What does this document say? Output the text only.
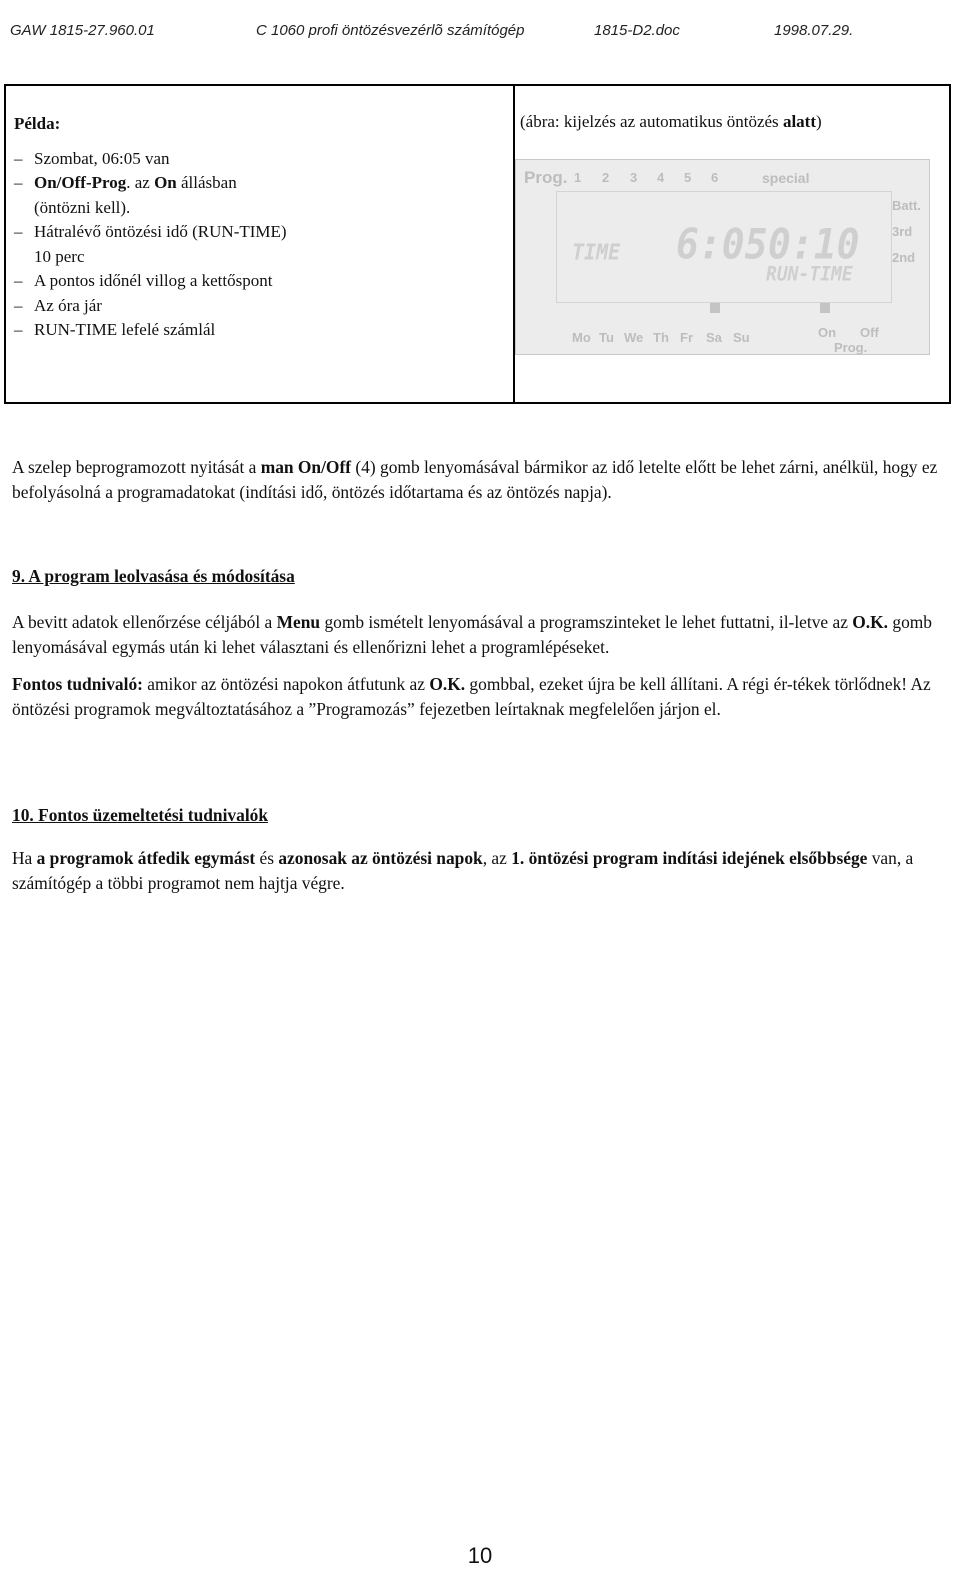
GAW 1815-27.960.01	C 1060 profi öntözésvezérlõ számítógép	1815-D2.doc	1998.07.29.
Példa:
– Szombat, 06:05 van
– On/Off-Prog. az On állásban
(öntözni kell).
– Hátralévő öntözési idő (RUN-TIME)
10 perc
– A pontos időnél villog a kettőspont
– Az óra jár
– RUN-TIME lefelé számlál
(ábra: kijelzés az automatikus öntözés alatt)
Prog. 1 2 3 4 5 6	special
Batt.
3rd
2nd
TIME 6:05 0:10
RUN-TIME
Mo Tu We Th Fr Sa Su	On Off
Prog.
A szelep beprogramozott nyitását a man On/Off (4) gomb lenyomásával bármikor az idő letelte előtt be lehet zárni, anélkül, hogy ez befolyásolná a programadatokat (indítási idő, öntözés időtartama és az öntözés napja).
9. A program leolvasása és módosítása
A bevitt adatok ellenőrzése céljából a Menu gomb ismételt lenyomásával a programszinteket le lehet futtatni, il-letve az O.K. gomb lenyomásával egymás után ki lehet választani és ellenőrizni lehet a programlépéseket.
Fontos tudnivaló: amikor az öntözési napokon átfutunk az O.K. gombbal, ezeket újra be kell állítani. A régi ér-tékek törlődnek! Az öntözési programok megváltoztatásához a ”Programozás” fejezetben leírtaknak megfelelően járjon el.
10. Fontos üzemeltetési tudnivalók
Ha a programok átfedik egymást és azonosak az öntözési napok, az 1. öntözési program indítási idejének elsőbbsége van, a számítógép a többi programot nem hajtja végre.
10
